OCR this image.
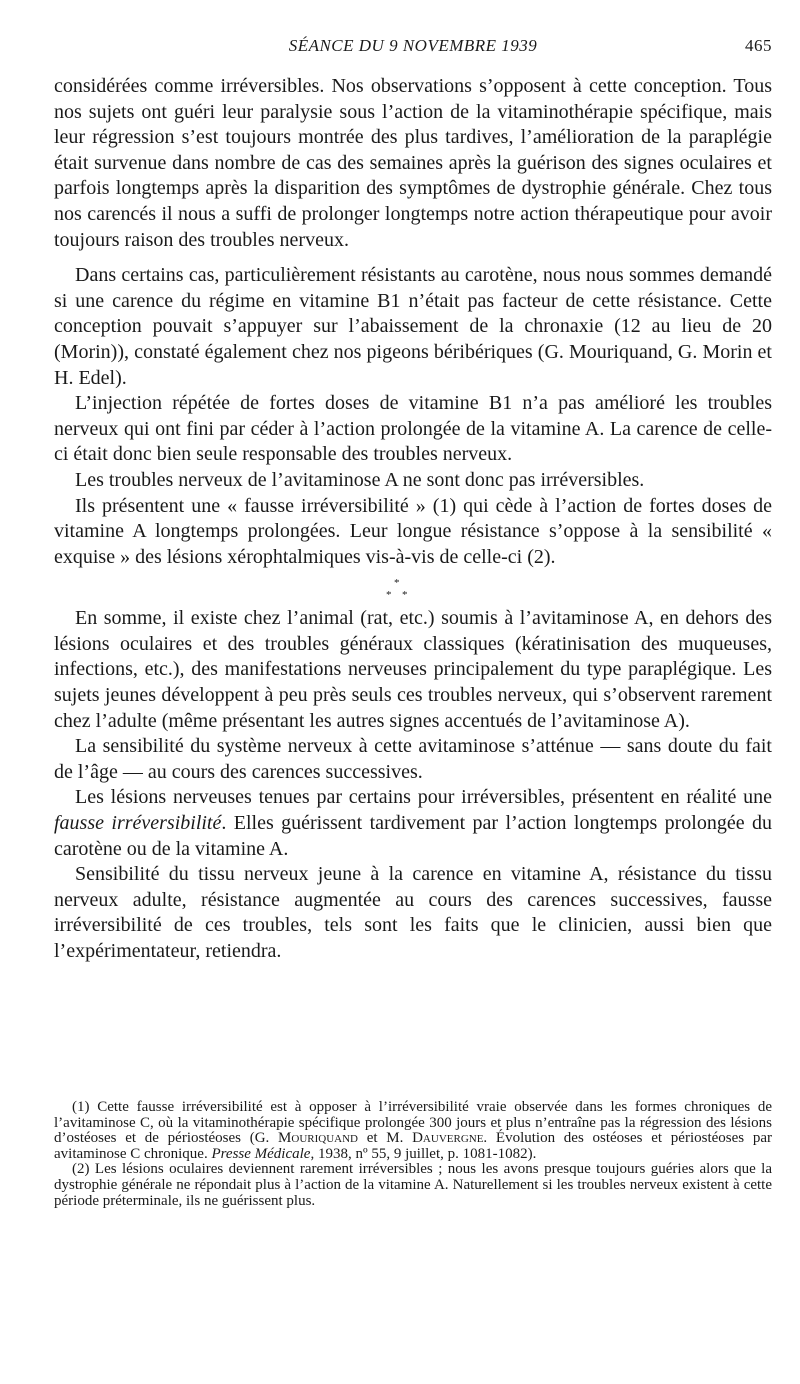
SÉANCE DU 9 NOVEMBRE 1939	465

considérées comme irréversibles. Nos observations s’opposent à cette conception. Tous nos sujets ont guéri leur paralysie sous l’action de la vitaminothérapie spécifique, mais leur régression s’est toujours montrée des plus tardives, l’amélioration de la paraplégie était survenue dans nombre de cas des semaines après la guérison des signes oculaires et parfois longtemps après la disparition des symptômes de dystrophie générale. Chez tous nos carencés il nous a suffi de prolonger longtemps notre action thérapeutique pour avoir toujours raison des troubles nerveux.

Dans certains cas, particulièrement résistants au carotène, nous nous sommes demandé si une carence du régime en vitamine B1 n’était pas facteur de cette résistance. Cette conception pouvait s’appuyer sur l’abaissement de la chronaxie (12 au lieu de 20 (Morin)), constaté également chez nos pigeons béribériques (G. Mouriquand, G. Morin et H. Edel).

L’injection répétée de fortes doses de vitamine B1 n’a pas amélioré les troubles nerveux qui ont fini par céder à l’action prolongée de la vitamine A. La carence de celle-ci était donc bien seule responsable des troubles nerveux.

Les troubles nerveux de l’avitaminose A ne sont donc pas irréversibles.

Ils présentent une « fausse irréversibilité » (1) qui cède à l’action de fortes doses de vitamine A longtemps prolongées. Leur longue résistance s’oppose à la sensibilité « exquise » des lésions xérophtalmiques vis-à-vis de celle-ci (2).

*
* *

En somme, il existe chez l’animal (rat, etc.) soumis à l’avitaminose A, en dehors des lésions oculaires et des troubles généraux classiques (kératinisation des muqueuses, infections, etc.), des manifestations nerveuses principalement du type paraplégique. Les sujets jeunes développent à peu près seuls ces troubles nerveux, qui s’observent rarement chez l’adulte (même présentant les autres signes accentués de l’avitaminose A).

La sensibilité du système nerveux à cette avitaminose s’atténue — sans doute du fait de l’âge — au cours des carences successives.

Les lésions nerveuses tenues par certains pour irréversibles, présentent en réalité une fausse irréversibilité. Elles guérissent tardivement par l’action longtemps prolongée du carotène ou de la vitamine A.

Sensibilité du tissu nerveux jeune à la carence en vitamine A, résistance du tissu nerveux adulte, résistance augmentée au cours des carences successives, fausse irréversibilité de ces troubles, tels sont les faits que le clinicien, aussi bien que l’expérimentateur, retiendra.

(1) Cette fausse irréversibilité est à opposer à l’irréversibilité vraie observée dans les formes chroniques de l’avitaminose C, où la vitaminothérapie spécifique prolongée 300 jours et plus n’entraîne pas la régression des lésions d’ostéoses et de périostéoses (G. Mouriquand et M. Dauvergne. Évolution des ostéoses et périostéoses par avitaminose C chronique. Presse Médicale, 1938, nº 55, 9 juillet, p. 1081-1082).

(2) Les lésions oculaires deviennent rarement irréversibles ; nous les avons presque toujours guéries alors que la dystrophie générale ne répondait plus à l’action de la vitamine A. Naturellement si les troubles nerveux existent à cette période préterminale, ils ne guérissent plus.
